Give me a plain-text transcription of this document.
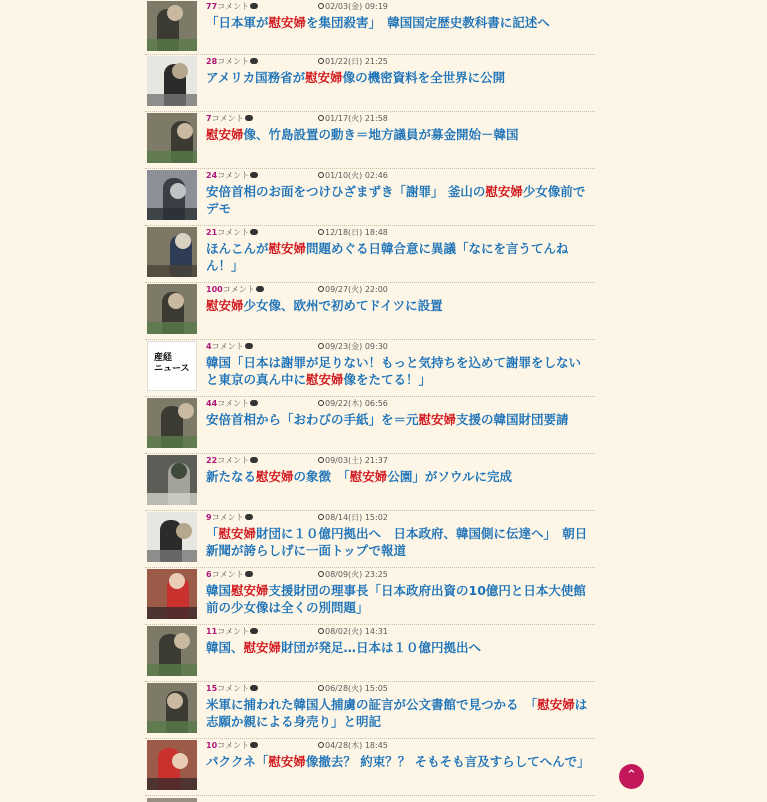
77コメント	02/03(金) 09:19
「日本軍が慰安婦を集団殺害」　韓国国定歴史教科書に記述へ
28コメント	01/22(日) 21:25
アメリカ国務省が慰安婦像の機密資料を全世界に公開
7コメント	01/17(火) 21:58
慰安婦像、竹島設置の動き＝地方議員が募金開始－韓国
24コメント	01/10(火) 02:46
安倍首相のお面をつけひざまずき「謝罪」 釜山の慰安婦少女像前でデモ
21コメント	12/18(日) 18:48
ほんこんが慰安婦問題めぐる日韓合意に異議「なにを言うてんねん！」
100コメント	09/27(火) 22:00
慰安婦少女像、欧州で初めてドイツに設置
産経
ニュース
4コメント	09/23(金) 09:30
韓国「日本は謝罪が足りない！もっと気持ちを込めて謝罪をしないと東京の真ん中に慰安婦像をたてる！」
44コメント	09/22(木) 06:56
安倍首相から「おわびの手紙」を＝元慰安婦支援の韓国財団要請
22コメント	09/03(土) 21:37
新たなる慰安婦の象徴　「慰安婦公園」がソウルに完成
9コメント	08/14(日) 15:02
「慰安婦財団に１０億円拠出へ　日本政府、韓国側に伝達へ」　朝日新聞が誇らしげに一面トップで報道
6コメント	08/09(火) 23:25
韓国慰安婦支援財団の理事長「日本政府出資の10億円と日本大使館前の少女像は全くの別問題」
11コメント	08/02(火) 14:31
韓国、慰安婦財団が発足…日本は１０億円拠出へ
15コメント	06/28(火) 15:05
米軍に捕われた韓国人捕虜の証言が公文書館で見つかる　「慰安婦は志願か親による身売り」と明記
10コメント	04/28(木) 18:45
パククネ「慰安婦像撤去？ 約束？？ そもそも言及すらしてへんで」
⌃
